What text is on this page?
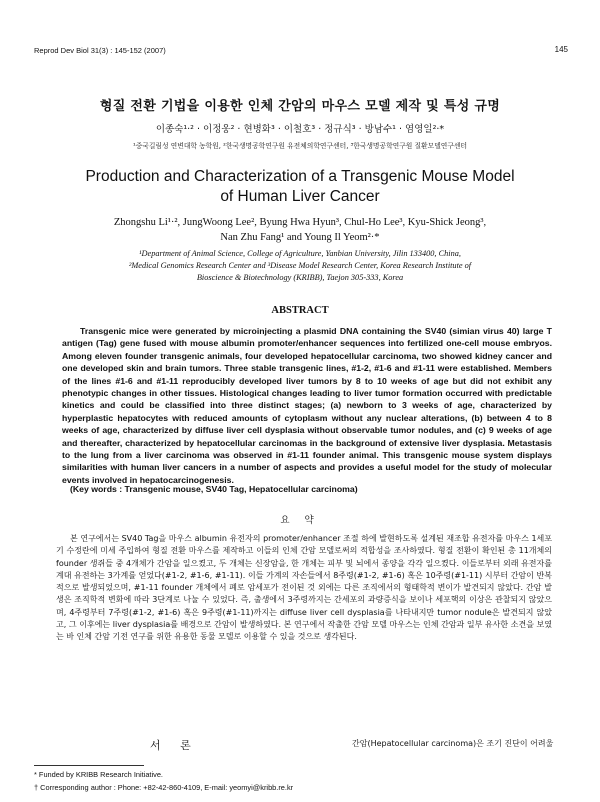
Reprod Dev Biol 31(3) : 145-152 (2007)	145
형질 전환 기법을 이용한 인체 간암의 마우스 모델 제작 및 특성 규명
이종숙¹·² · 이정웅² · 현병화³ · 이철호³ · 정규식³ · 방남수¹ · 염영일²·*
¹중국길림성 연변대학 농학원, ²한국생명공학연구원 유전체의학연구센터, ³한국생명공학연구원 질환모델연구센터
Production and Characterization of a Transgenic Mouse Model
of Human Liver Cancer
Zhongshu Li¹·², JungWoong Lee², Byung Hwa Hyun³, Chul-Ho Lee³, Kyu-Shick Jeong³,
Nan Zhu Fang¹ and Young Il Yeom²·*
¹Department of Animal Science, College of Agriculture, Yanbian University, Jilin 133400, China,
²Medical Genomics Research Center and ³Disease Model Research Center, Korea Research Institute of
Bioscience & Biotechnology (KRIBB), Taejon 305-333, Korea
ABSTRACT
Transgenic mice were generated by microinjecting a plasmid DNA containing the SV40 (simian virus 40) large T antigen (Tag) gene fused with mouse albumin promoter/enhancer sequences into fertilized one-cell mouse embryos. Among eleven founder transgenic animals, four developed hepatocellular carcinoma, two showed kidney cancer and one developed skin and brain tumors. Three stable transgenic lines, #1-2, #1-6 and #1-11 were established. Members of the lines #1-6 and #1-11 reproducibly developed liver tumors by 8 to 10 weeks of age but did not exhibit any phenotypic changes in other tissues. Histological changes leading to liver tumor formation occurred with predictable kinetics and could be classified into three distinct stages; (a) newborn to 3 weeks of age, characterized by hyperplastic hepatocytes with reduced amounts of cytoplasm without any nuclear alterations, (b) between 4 to 8 weeks of age, characterized by diffuse liver cell dysplasia without observable tumor nodules, and (c) 9 weeks of age and thereafter, characterized by hepatocellular carcinomas in the background of extensive liver dysplasia. Metastasis to the lung from a liver carcinoma was observed in #1-11 founder animal. This transgenic mouse system displays similarities with human liver cancers in a number of aspects and provides a useful model for the study of molecular events involved in hepatocarcinogenesis.
(Key words : Transgenic mouse, SV40 Tag, Hepatocellular carcinoma)
요 약
본 연구에서는 SV40 Tag을 마우스 albumin 유전자의 promoter/enhancer 조절 하에 발현하도록 설계된 재조합 유전자를 마우스 1세포기 수정란에 미세 주입하여 형질 전환 마우스를 제작하고 이들의 인체 간암 모델로써의 적합성을 조사하였다. 형질 전환이 확인된 총 11개체의 founder 생쥐들 중 4개체가 간암을 일으켰고, 두 개체는 신장암을, 한 개체는 피부 및 뇌에서 종양을 각각 일으켰다. 이들로부터 외래 유전자를 계대 유전하는 3가계를 얻었다(#1-2, #1-6, #1-11). 이들 가계의 자손들에서 8주령(#1-2, #1-6) 혹은 10주령(#1-11) 시부터 간암이 반복적으로 발생되었으며, #1-11 founder 개체에서 폐로 암세포가 전이된 것 외에는 다른 조직에서의 형태학적 변이가 발견되지 않았다. 간암 발생은 조직학적 변화에 따라 3단계로 나눌 수 있었다. 즉, 출생에서 3주령까지는 간세포의 과량증식을 보이나 세포핵의 이상은 관찰되지 않았으며, 4주령부터 7주령(#1-2, #1-6) 혹은 9주령(#1-11)까지는 diffuse liver cell dysplasia를 나타내지만 tumor nodule은 발견되지 않았고, 그 이후에는 liver dysplasia를 배경으로 간암이 발생하였다. 본 연구에서 작출한 간암 모델 마우스는 인체 간암과 일부 유사한 소견을 보였는 바 인체 간암 기전 연구를 위한 유용한 동물 모델로 이용할 수 있을 것으로 생각된다.
서 론	간암(Hepatocellular carcinoma)은 조기 진단이 어려울
* Funded by KRIBB Research Initiative.
† Corresponding author : Phone: +82-42-860-4109, E-mail: yeomyi@kribb.re.kr
